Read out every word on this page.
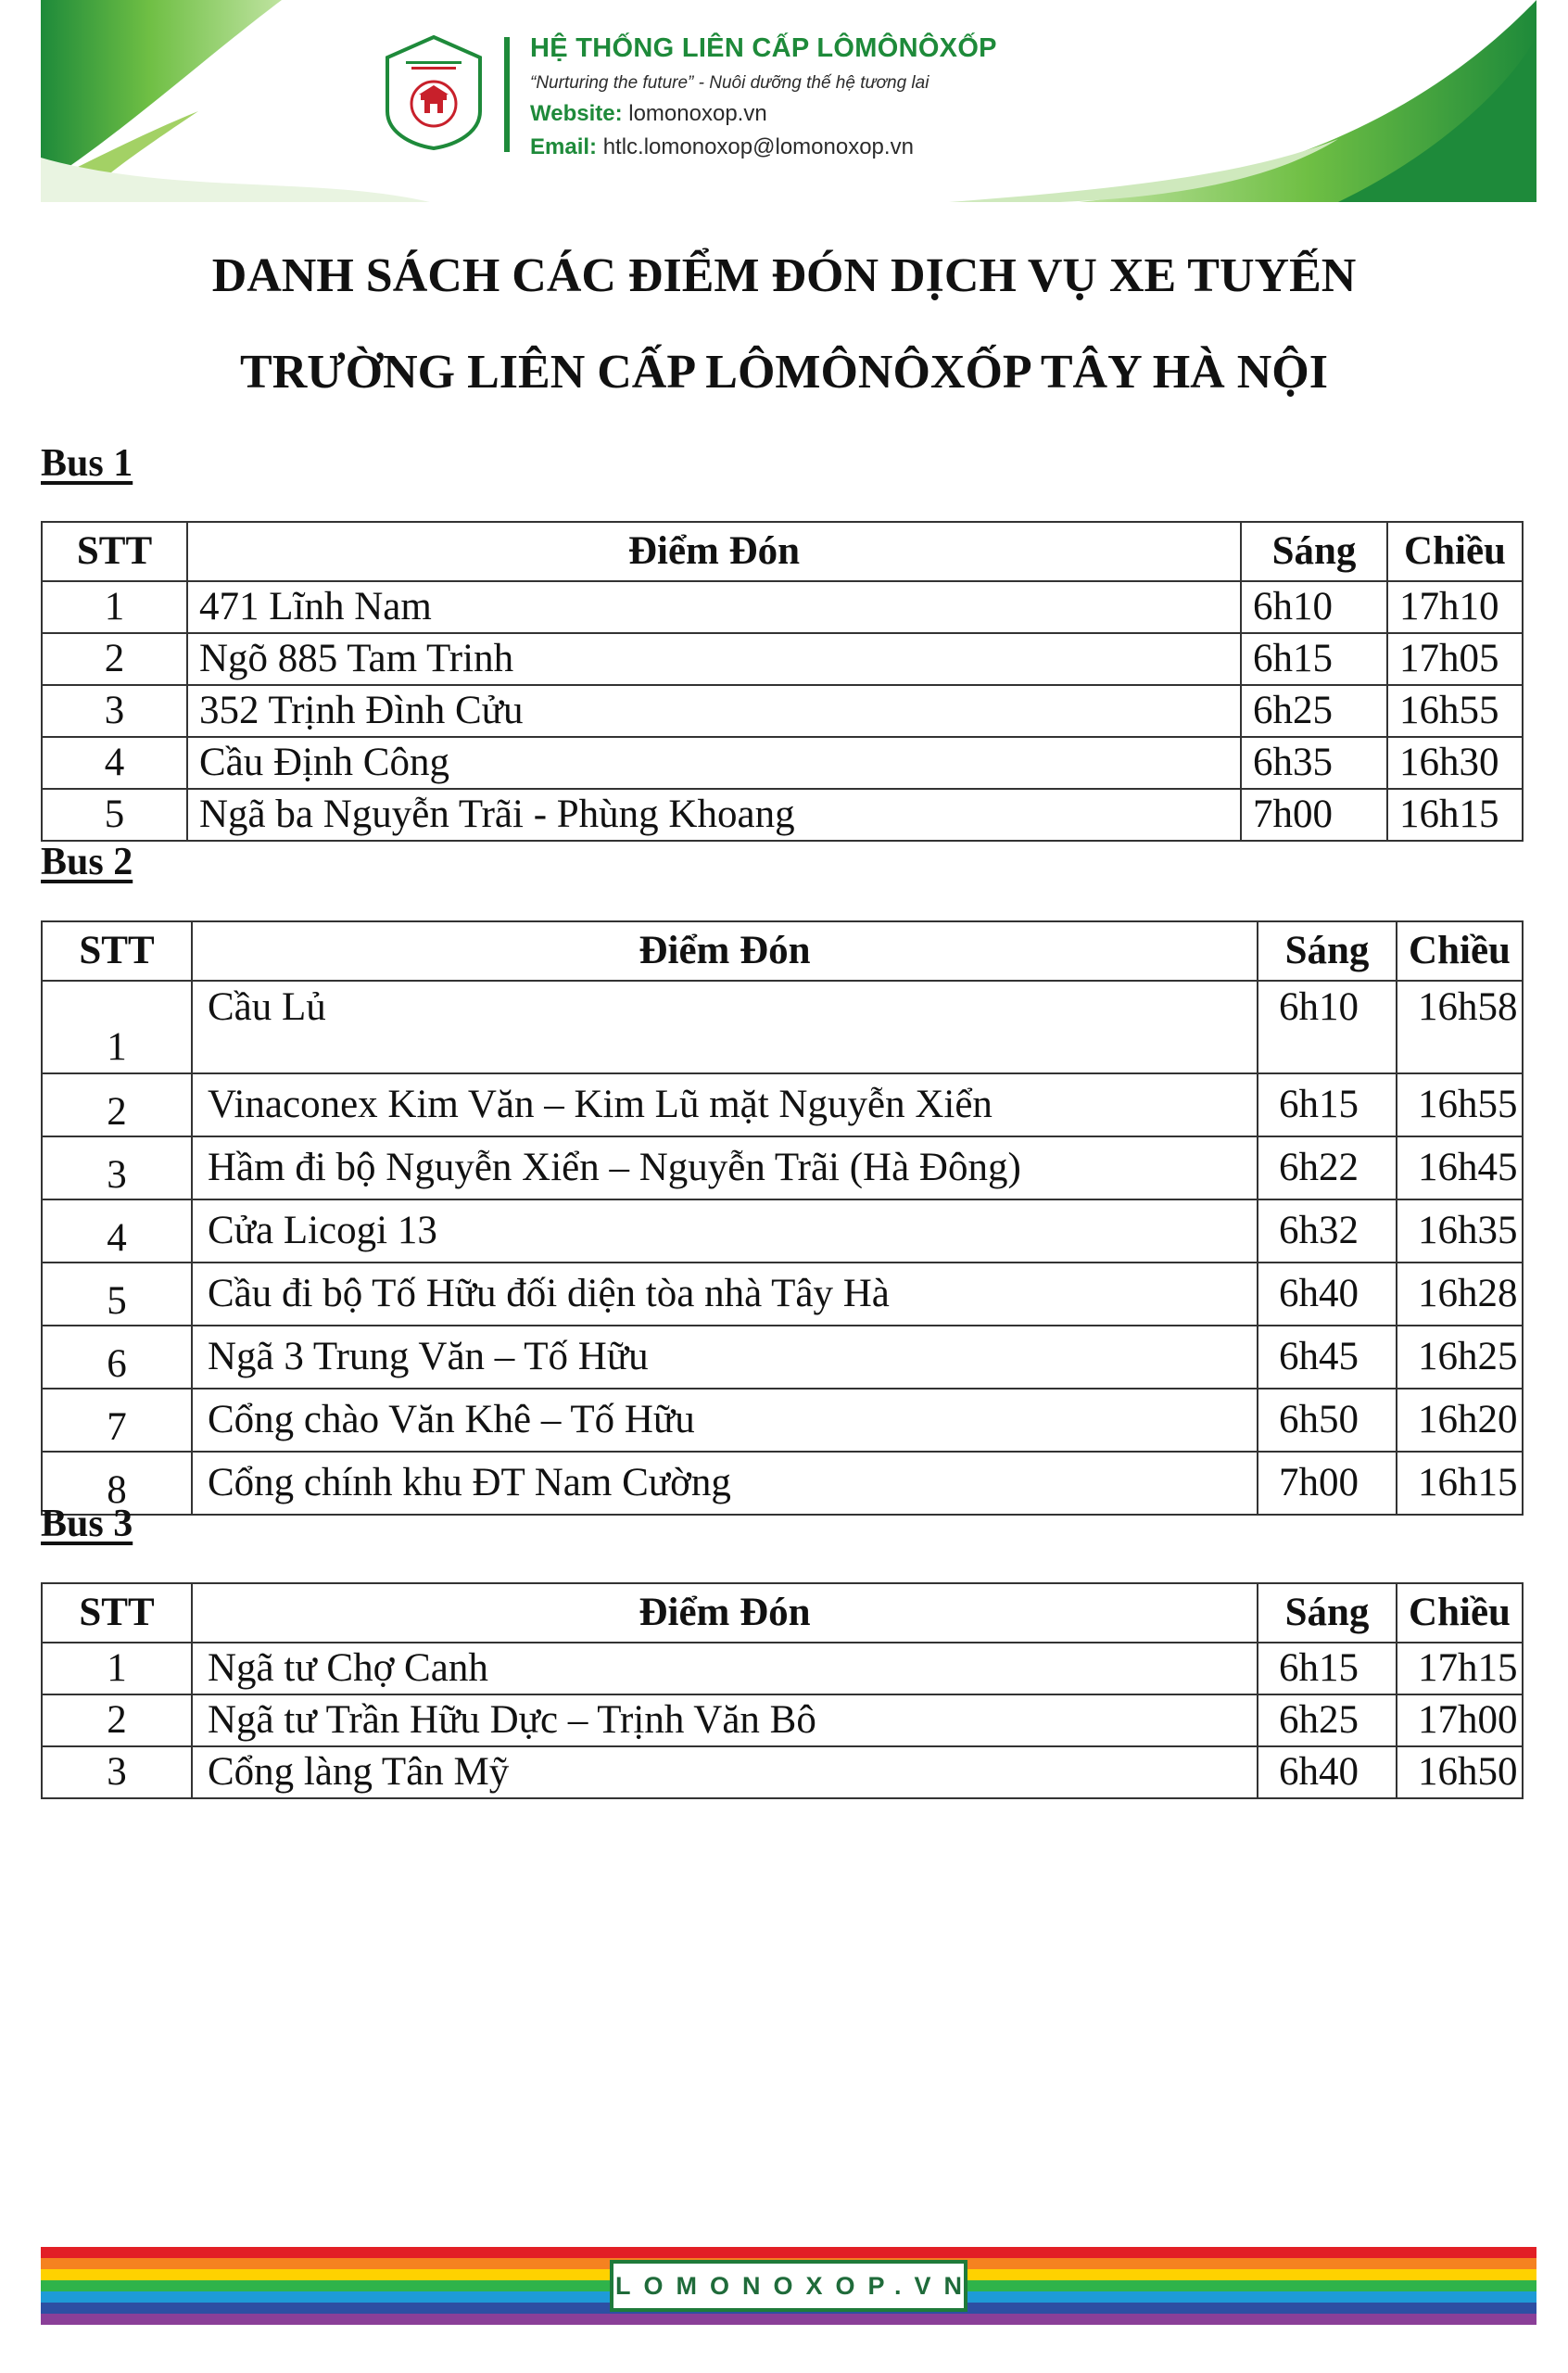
HỆ THỐNG LIÊN CẤP LÔMÔNÔXỐP
“Nurturing the future” - Nuôi dưỡng thế hệ tương lai
Website: lomonoxop.vn
Email: htlc.lomonoxop@lomonoxop.vn
DANH SÁCH CÁC ĐIỂM ĐÓN DỊCH VỤ XE TUYẾN
TRƯỜNG LIÊN CẤP LÔMÔNÔXỐP TÂY HÀ NỘI
Bus 1
STT	Điểm Đón	Sáng	Chiều
1	471 Lĩnh Nam	6h10	17h10
2	Ngõ 885 Tam Trinh	6h15	17h05
3	352 Trịnh Đình Cửu	6h25	16h55
4	Cầu Định Công	6h35	16h30
5	Ngã ba Nguyễn Trãi - Phùng Khoang	7h00	16h15
Bus 2
STT	Điểm Đón	Sáng	Chiều
1	Cầu Lủ	6h10	16h58
2	Vinaconex Kim Văn – Kim Lũ mặt Nguyễn Xiển	6h15	16h55
3	Hầm đi bộ Nguyễn Xiển – Nguyễn Trãi (Hà Đông)	6h22	16h45
4	Cửa Licogi 13	6h32	16h35
5	Cầu đi bộ Tố Hữu đối diện tòa nhà Tây Hà	6h40	16h28
6	Ngã 3 Trung Văn – Tố Hữu	6h45	16h25
7	Cổng chào Văn Khê – Tố Hữu	6h50	16h20
8	Cổng chính khu ĐT Nam Cường	7h00	16h15
Bus 3
STT	Điểm Đón	Sáng	Chiều
1	Ngã tư Chợ Canh	6h15	17h15
2	Ngã tư Trần Hữu Dực – Trịnh Văn Bô	6h25	17h00
3	Cổng làng Tân Mỹ	6h40	16h50
LOMONOXOP.VN
